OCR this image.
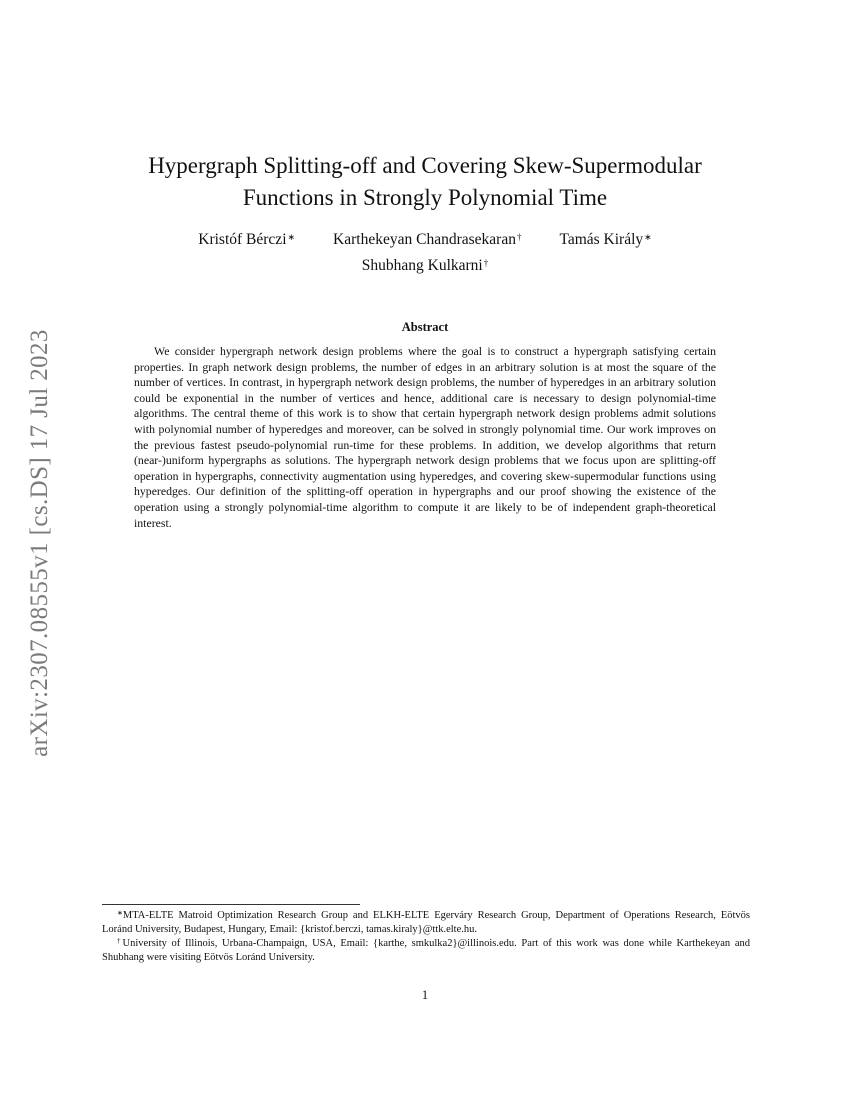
arXiv:2307.08555v1 [cs.DS] 17 Jul 2023
Hypergraph Splitting-off and Covering Skew-Supermodular
Functions in Strongly Polynomial Time
Kristóf Bérczi∗ Karthekeyan Chandrasekaran† Tamás Király∗
Shubhang Kulkarni†
Abstract

We consider hypergraph network design problems where the goal is to construct a hypergraph satisfying certain properties. In graph network design problems, the number of edges in an arbitrary solution is at most the square of the number of vertices. In contrast, in hypergraph network design problems, the number of hyperedges in an arbitrary solution could be exponential in the number of vertices and hence, additional care is necessary to design polynomial-time algorithms. The central theme of this work is to show that certain hypergraph network design problems admit solutions with polynomial number of hyperedges and moreover, can be solved in strongly polynomial time. Our work improves on the previous fastest pseudo-polynomial run-time for these problems. In addition, we develop algorithms that return (near-)uniform hypergraphs as solutions. The hypergraph network design problems that we focus upon are splitting-off operation in hypergraphs, connectivity augmentation using hyperedges, and covering skew-supermodular functions using hyperedges. Our definition of the splitting-off operation in hypergraphs and our proof showing the existence of the operation using a strongly polynomial-time algorithm to compute it are likely to be of independent graph-theoretical interest.

∗MTA-ELTE Matroid Optimization Research Group and ELKH-ELTE Egerváry Research Group, Department of Operations Research, Eötvös Loránd University, Budapest, Hungary, Email: {kristof.berczi, tamas.kiraly}@ttk.elte.hu.

†University of Illinois, Urbana-Champaign, USA, Email: {karthe, smkulka2}@illinois.edu. Part of this work was done while Karthekeyan and Shubhang were visiting Eötvös Loránd University.

1
